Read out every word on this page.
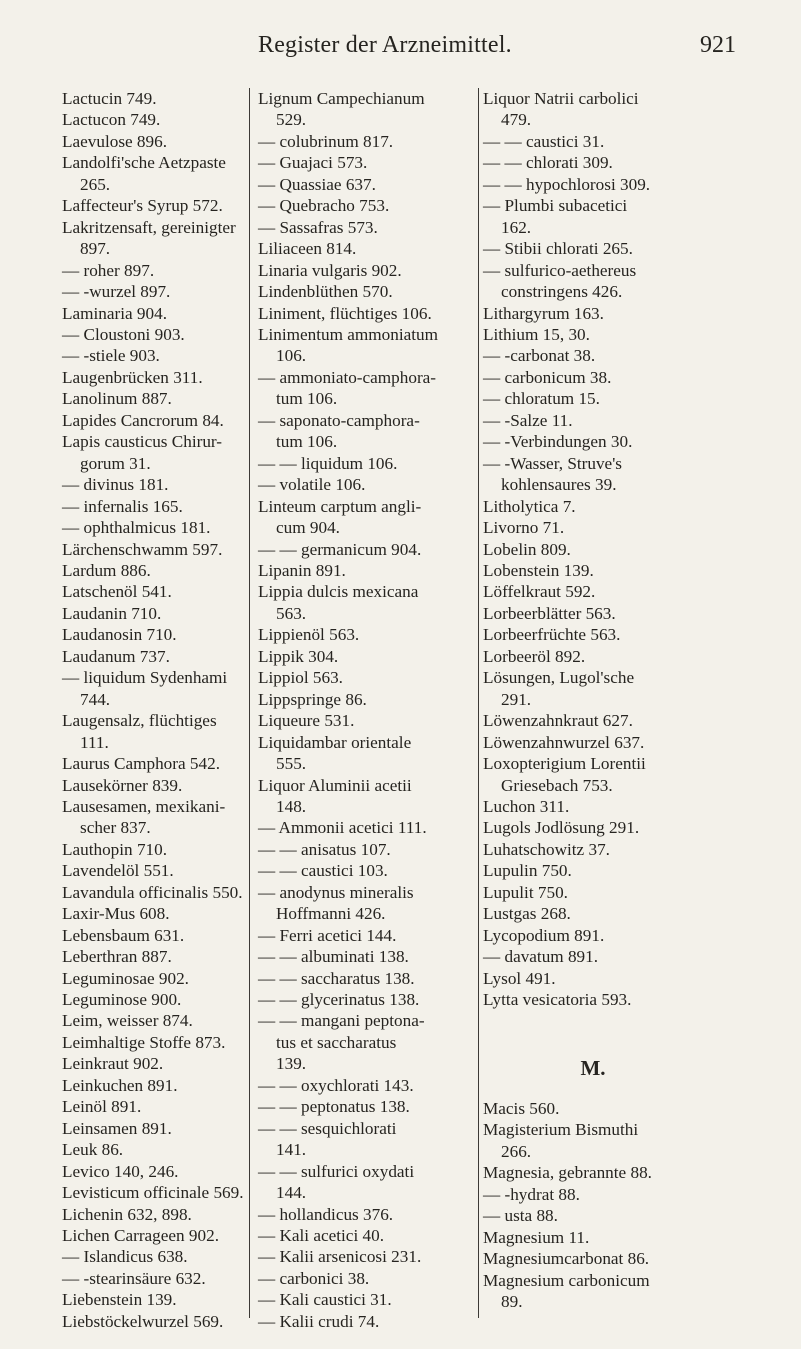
Register der Arzneimittel.	921
Lactucin 749.
Lactucon 749.
Laevulose 896.
Landolfi'sche Aetzpaste
265.
Laffecteur's Syrup 572.
Lakritzensaft, gereinigter
897.
— roher 897.
— -wurzel 897.
Laminaria 904.
— Cloustoni 903.
— -stiele 903.
Laugenbrücken 311.
Lanolinum 887.
Lapides Cancrorum 84.
Lapis causticus Chirur-
gorum 31.
— divinus 181.
— infernalis 165.
— ophthalmicus 181.
Lärchenschwamm 597.
Lardum 886.
Latschenöl 541.
Laudanin 710.
Laudanosin 710.
Laudanum 737.
— liquidum Sydenhami
744.
Laugensalz, flüchtiges
111.
Laurus Camphora 542.
Lausekörner 839.
Lausesamen, mexikani-
scher 837.
Lauthopin 710.
Lavendelöl 551.
Lavandula officinalis 550.
Laxir-Mus 608.
Lebensbaum 631.
Leberthran 887.
Leguminosae 902.
Leguminose 900.
Leim, weisser 874.
Leimhaltige Stoffe 873.
Leinkraut 902.
Leinkuchen 891.
Leinöl 891.
Leinsamen 891.
Leuk 86.
Levico 140, 246.
Levisticum officinale 569.
Lichenin 632, 898.
Lichen Carrageen 902.
— Islandicus 638.
— -stearinsäure 632.
Liebenstein 139.
Liebstöckelwurzel 569.
Lignum Campechianum
529.
— colubrinum 817.
— Guajaci 573.
— Quassiae 637.
— Quebracho 753.
— Sassafras 573.
Liliaceen 814.
Linaria vulgaris 902.
Lindenblüthen 570.
Liniment, flüchtiges 106.
Linimentum ammoniatum
106.
— ammoniato-camphora-
tum 106.
— saponato-camphora-
tum 106.
— — liquidum 106.
— volatile 106.
Linteum carptum angli-
cum 904.
— — germanicum 904.
Lipanin 891.
Lippia dulcis mexicana
563.
Lippienöl 563.
Lippik 304.
Lippiol 563.
Lippspringe 86.
Liqueure 531.
Liquidambar orientale
555.
Liquor Aluminii acetii
148.
— Ammonii acetici 111.
— — anisatus 107.
— — caustici 103.
— anodynus mineralis
Hoffmanni 426.
— Ferri acetici 144.
— — albuminati 138.
— — saccharatus 138.
— — glycerinatus 138.
— — mangani peptona-
tus et saccharatus
139.
— — oxychlorati 143.
— — peptonatus 138.
— — sesquichlorati
141.
— — sulfurici oxydati
144.
— hollandicus 376.
— Kali acetici 40.
— Kalii arsenicosi 231.
— carbonici 38.
— Kali caustici 31.
— Kalii crudi 74.
Liquor Natrii carbolici
479.
— — caustici 31.
— — chlorati 309.
— — hypochlorosi 309.
— Plumbi subacetici
162.
— Stibii chlorati 265.
— sulfurico-aethereus
constringens 426.
Lithargyrum 163.
Lithium 15, 30.
— -carbonat 38.
— carbonicum 38.
— chloratum 15.
— -Salze 11.
— -Verbindungen 30.
— -Wasser, Struve's
kohlensaures 39.
Litholytica 7.
Livorno 71.
Lobelin 809.
Lobenstein 139.
Löffelkraut 592.
Lorbeerblätter 563.
Lorbeerfrüchte 563.
Lorbeeröl 892.
Lösungen, Lugol'sche
291.
Löwenzahnkraut 627.
Löwenzahnwurzel 637.
Loxopterigium Lorentii
Griesebach 753.
Luchon 311.
Lugols Jodlösung 291.
Luhatschowitz 37.
Lupulin 750.
Lupulit 750.
Lustgas 268.
Lycopodium 891.
— davatum 891.
Lysol 491.
Lytta vesicatoria 593.
M.
Macis 560.
Magisterium Bismuthi
266.
Magnesia, gebrannte 88.
— -hydrat 88.
— usta 88.
Magnesium 11.
Magnesiumcarbonat 86.
Magnesium carbonicum
89.
